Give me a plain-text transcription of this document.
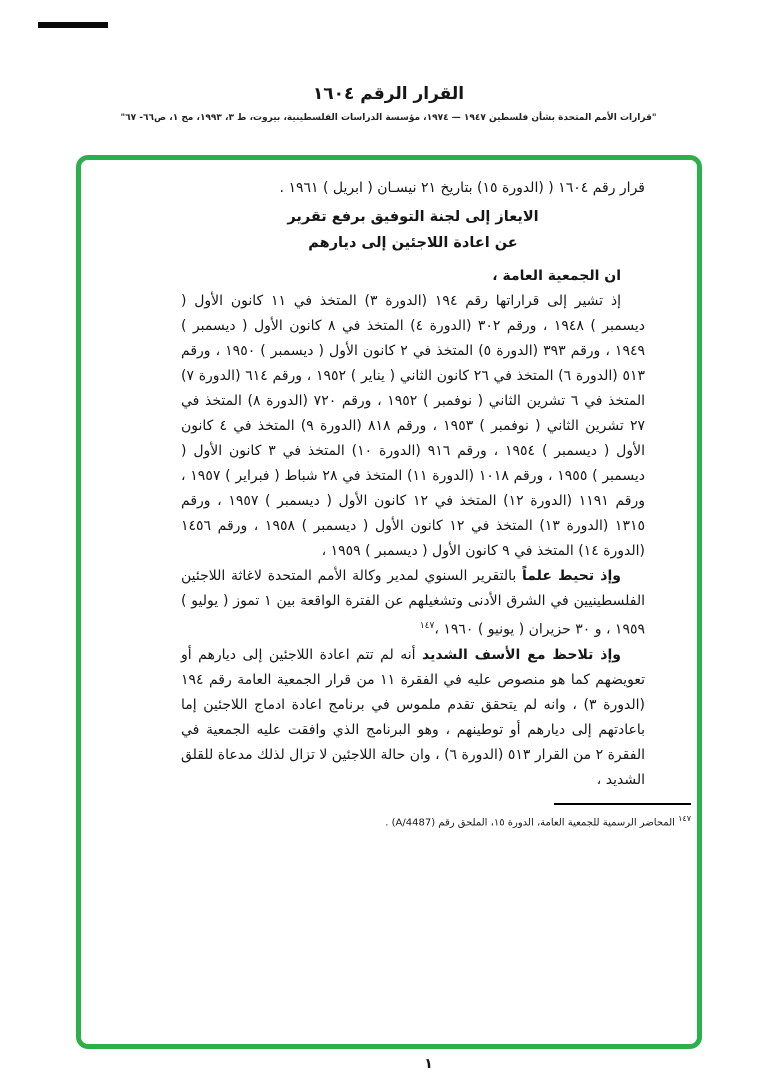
القرار الرقم ١٦٠٤
"قرارات الأمم المتحدة بشأن فلسطين ١٩٤٧ — ١٩٧٤، مؤسسة الدراسات الفلسطينية، بيروت، ط ٣، ١٩٩٣، مج ١، ص٦٦- ٦٧"

قرار رقم ١٦٠٤ ( (الدورة ١٥) بتاريخ ٢١ نيسـان ( ابريل ) ١٩٦١ .

الايعاز إلى لجنة التوفيق برفع تقرير
عن اعادة اللاجئين إلى ديارهم

ان الجمعية العامة ،

إذ تشير إلى قراراتها رقم ١٩٤ (الدورة ٣) المتخذ في ١١ كانون الأول ( ديسمبر ) ١٩٤٨ ، ورقم ٣٠٢ (الدورة ٤) المتخذ في ٨ كانون الأول ( ديسمبر ) ١٩٤٩ ، ورقم ٣٩٣ (الدورة ٥) المتخذ في ٢ كانون الأول ( ديسمبر ) ١٩٥٠ ، ورقم ٥١٣ (الدورة ٦) المتخذ في ٢٦ كانون الثاني ( يناير ) ١٩٥٢ ، ورقم ٦١٤ (الدورة ٧) المتخذ في ٦ تشرين الثاني ( نوفمبر ) ١٩٥٢ ، ورقم ٧٢٠ (الدورة ٨) المتخذ في ٢٧ تشرين الثاني ( نوفمبر ) ١٩٥٣ ، ورقم ٨١٨ (الدورة ٩) المتخذ في ٤ كانون الأول ( ديسمبر ) ١٩٥٤ ، ورقم ٩١٦ (الدورة ١٠) المتخذ في ٣ كانون الأول ( ديسمبر ) ١٩٥٥ ، ورقم ١٠١٨ (الدورة ١١) المتخذ في ٢٨ شباط ( فبراير ) ١٩٥٧ ، ورقم ١١٩١ (الدورة ١٢) المتخذ في ١٢ كانون الأول ( ديسمبر ) ١٩٥٧ ، ورقم ١٣١٥ (الدورة ١٣) المتخذ في ١٢ كانون الأول ( ديسمبر ) ١٩٥٨ ، ورقم ١٤٥٦ (الدورة ١٤) المتخذ في ٩ كانون الأول ( ديسمبر ) ١٩٥٩ ،

وإذ تحيط علماً بالتقرير السنوي لمدير وكالة الأمم المتحدة لاغاثة اللاجئين الفلسطينيين في الشرق الأدنى وتشغيلهم عن الفترة الواقعة بين ١ تموز ( يوليو ) ١٩٥٩ ، و ٣٠ حزيران ( يونيو ) ١٩٦٠ ،$^{١٤٧}$

وإذ تلاحظ مع الأسف الشديد أنه لم تتم اعادة اللاجئين إلى ديارهم أو تعويضهم كما هو منصوص عليه في الفقرة ١١ من قرار الجمعية العامة رقم ١٩٤ (الدورة ٣) ، وانه لم يتحقق تقدم ملموس في برنامج اعادة ادماج اللاجئين إما باعادتهم إلى ديارهم أو توطينهم ، وهو البرنامج الذي وافقت عليه الجمعية في الفقرة ٢ من القرار ٥١٣ (الدورة ٦) ، وان حالة اللاجئين لا تزال لذلك مدعاة للقلق الشديد ،

$^{١٤٧}$ المحاضر الرسمية للجمعية العامة، الدورة ١٥، الملحق رقم (A/4487) .
١
